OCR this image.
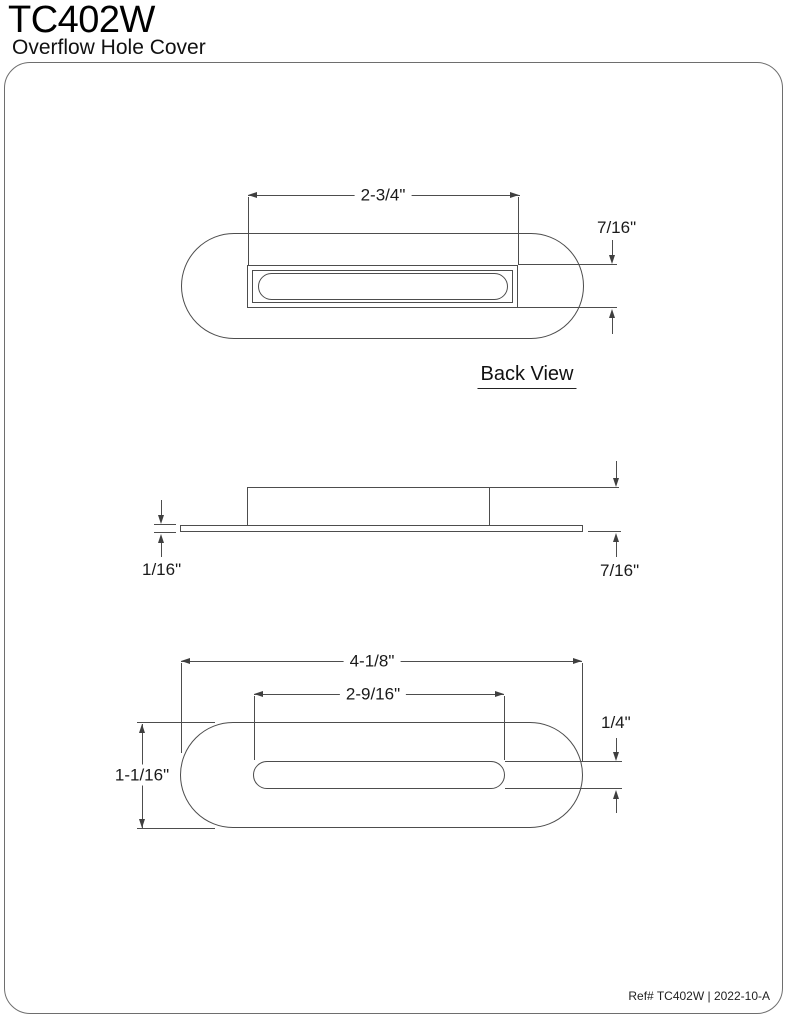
TC402W
Overflow Hole Cover
2-3/4"
7/16"
Back View
1/16"	7/16"
4-1/8"
2-9/16"
1/4"
1-1/16"
Ref# TC402W | 2022-10-A
